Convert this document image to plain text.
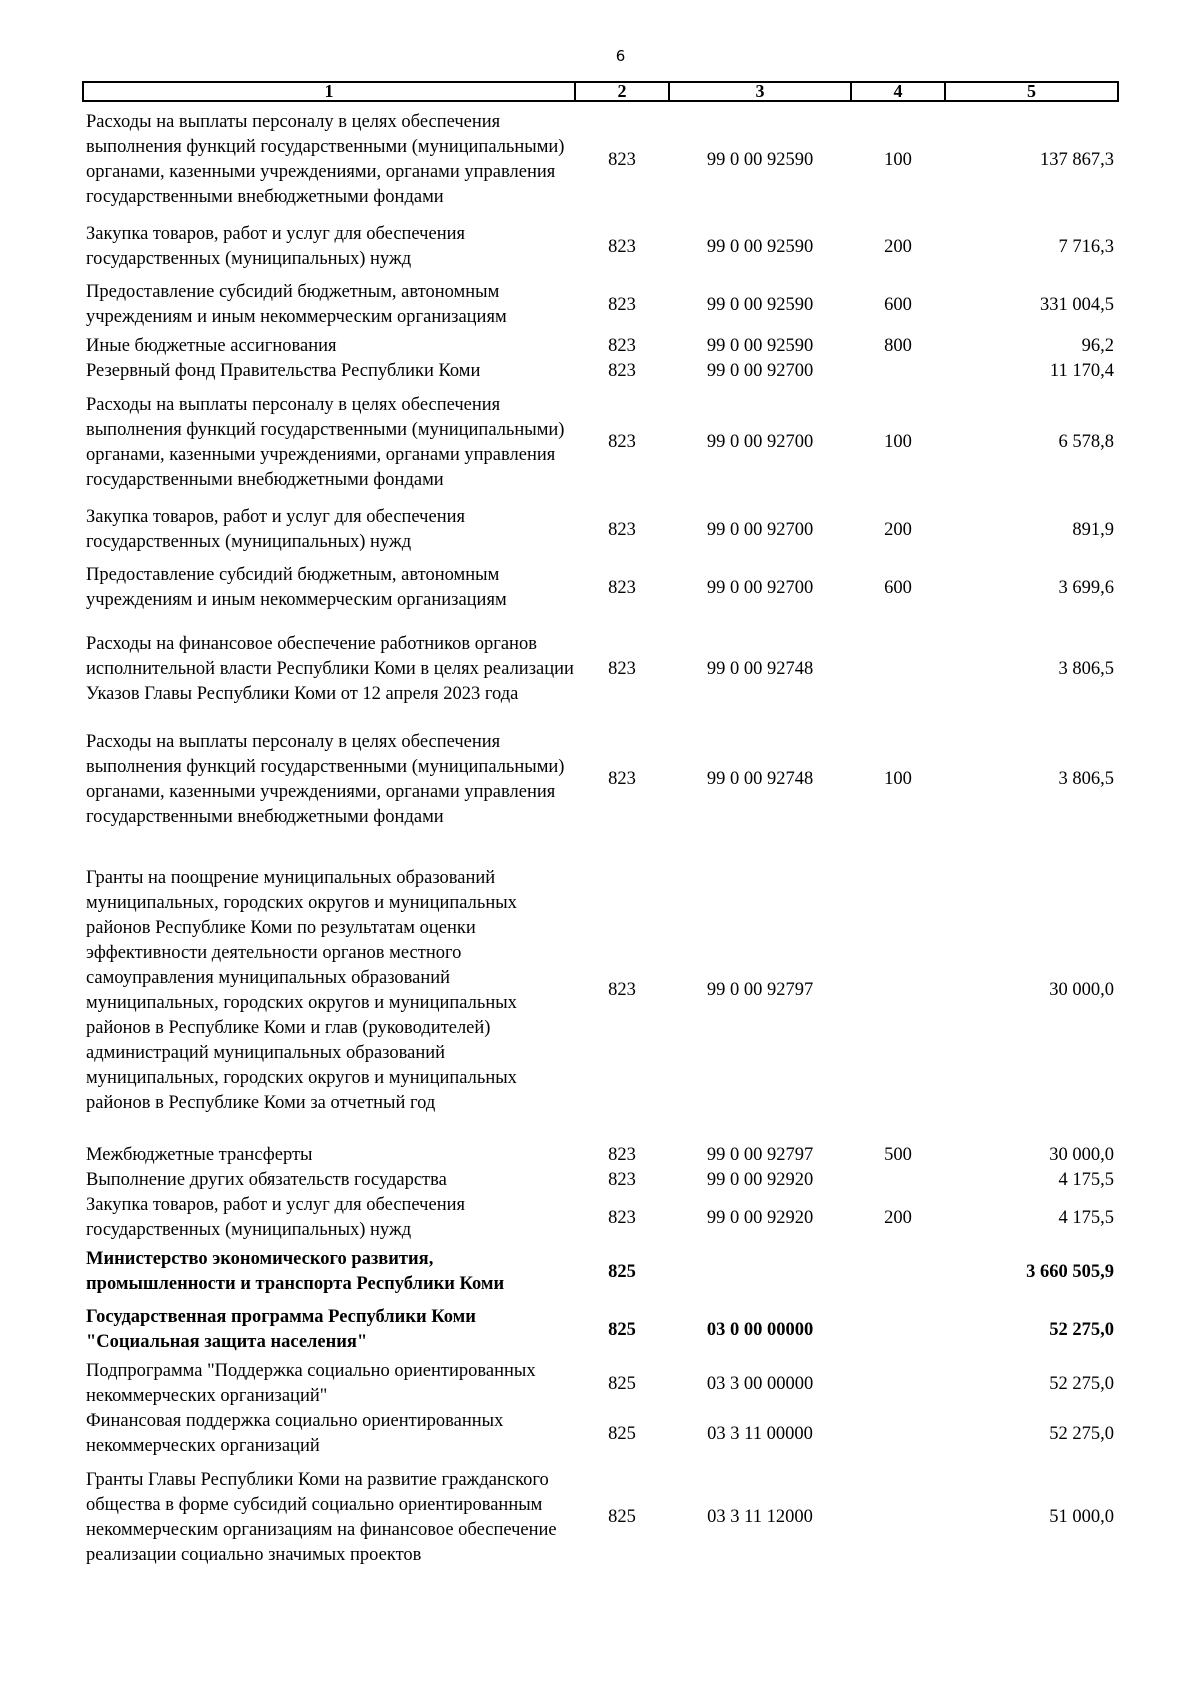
6
1	2	3	4	5
Расходы на выплаты персоналу в целях обеспечения выполнения функций государственными (муниципальными) органами, казенными учреждениями, органами управления государственными внебюджетными фондами	823	99 0 00 92590	100	137 867,3
Закупка товаров, работ и услуг для обеспечения государственных (муниципальных) нужд	823	99 0 00 92590	200	7 716,3
Предоставление субсидий бюджетным, автономным учреждениям и иным некоммерческим организациям	823	99 0 00 92590	600	331 004,5
Иные бюджетные ассигнования	823	99 0 00 92590	800	96,2
Резервный фонд Правительства Республики Коми	823	99 0 00 92700		11 170,4
Расходы на выплаты персоналу в целях обеспечения выполнения функций государственными (муниципальными) органами, казенными учреждениями, органами управления государственными внебюджетными фондами	823	99 0 00 92700	100	6 578,8
Закупка товаров, работ и услуг для обеспечения государственных (муниципальных) нужд	823	99 0 00 92700	200	891,9
Предоставление субсидий бюджетным, автономным учреждениям и иным некоммерческим организациям	823	99 0 00 92700	600	3 699,6
Расходы на финансовое обеспечение работников органов исполнительной власти Республики Коми в целях реализации Указов Главы Республики Коми от 12 апреля 2023 года	823	99 0 00 92748		3 806,5
Расходы на выплаты персоналу в целях обеспечения выполнения функций государственными (муниципальными) органами, казенными учреждениями, органами управления государственными внебюджетными фондами	823	99 0 00 92748	100	3 806,5
Гранты на поощрение муниципальных образований муниципальных, городских округов и муниципальных районов Республике Коми по результатам оценки эффективности деятельности органов местного самоуправления муниципальных образований муниципальных, городских округов и муниципальных районов в Республике Коми и глав (руководителей) администраций муниципальных образований муниципальных, городских округов и муниципальных районов в Республике Коми за отчетный год	823	99 0 00 92797		30 000,0
Межбюджетные трансферты	823	99 0 00 92797	500	30 000,0
Выполнение других обязательств государства	823	99 0 00 92920		4 175,5
Закупка товаров, работ и услуг для обеспечения государственных (муниципальных) нужд	823	99 0 00 92920	200	4 175,5
Министерство экономического развития, промышленности и транспорта Республики Коми	825			3 660 505,9
Государственная программа Республики Коми "Социальная защита населения"	825	03 0 00 00000		52 275,0
Подпрограмма "Поддержка социально ориентированных некоммерческих организаций"	825	03 3 00 00000		52 275,0
Финансовая поддержка социально ориентированных некоммерческих организаций	825	03 3 11 00000		52 275,0
Гранты Главы Республики Коми на развитие гражданского общества в форме субсидий социально ориентированным некоммерческим организациям на финансовое обеспечение реализации социально значимых проектов	825	03 3 11 12000		51 000,0
